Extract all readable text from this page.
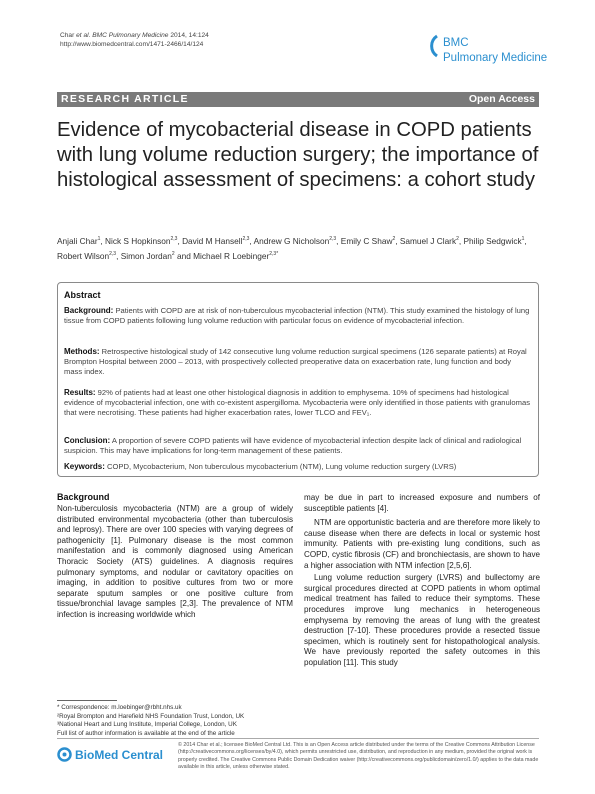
Char et al. BMC Pulmonary Medicine 2014, 14:124
http://www.biomedcentral.com/1471-2466/14/124	BMC
Pulmonary Medicine
RESEARCH ARTICLE	Open Access
Evidence of mycobacterial disease in COPD patients with lung volume reduction surgery; the importance of histological assessment of specimens: a cohort study
Anjali Char$^1$, Nick S Hopkinson$^{2,3}$, David M Hansell$^{2,3}$, Andrew G Nicholson$^{2,3}$, Emily C Shaw$^2$, Samuel J Clark$^2$, Philip Sedgwick$^1$, Robert Wilson$^{2,3}$, Simon Jordan$^2$ and Michael R Loebinger$^{2,3*}$
Abstract
Background: Patients with COPD are at risk of non-tuberculous mycobacterial infection (NTM). This study examined the histology of lung tissue from COPD patients following lung volume reduction with particular focus on evidence of mycobacterial infection.
Methods: Retrospective histological study of 142 consecutive lung volume reduction surgical specimens (126 separate patients) at Royal Brompton Hospital between 2000 – 2013, with prospectively collected preoperative data on exacerbation rate, lung function and body mass index.
Results: 92% of patients had at least one other histological diagnosis in addition to emphysema. 10% of specimens had histological evidence of mycobacterial infection, one with co-existent aspergilloma. Mycobacteria were only identified in those patients with granulomas that were necrotising. These patients had higher exacerbation rates, lower TLCO and FEV₁.
Conclusion: A proportion of severe COPD patients will have evidence of mycobacterial infection despite lack of clinical and radiological suspicion. This may have implications for long-term management of these patients.
Keywords: COPD, Mycobacterium, Non tuberculous mycobacterium (NTM), Lung volume reduction surgery (LVRS)
Background

Non-tuberculosis mycobacteria (NTM) are a group of widely distributed environmental mycobacteria (other than tuberculosis and leprosy). There are over 100 species with varying degrees of pathogenicity [1]. Pulmonary disease is the most common manifestation and is commonly diagnosed using American Thoracic Society (ATS) guidelines. A diagnosis requires pulmonary symptoms, and nodular or cavitatory opacities on imaging, in addition to positive cultures from two or more separate sputum samples or one positive culture from tissue/bronchial lavage samples [2,3]. The prevalence of NTM infection is increasing worldwide which

may be due in part to increased exposure and numbers of susceptible patients [4].

NTM are opportunistic bacteria and are therefore more likely to cause disease when there are defects in local or systemic host immunity. Patients with pre-existing lung conditions, such as COPD, cystic fibrosis (CF) and bronchiectasis, are shown to have a higher association with NTM infection [2,5,6].

Lung volume reduction surgery (LVRS) and bullectomy are surgical procedures directed at COPD patients in whom optimal medical treatment has failed to reduce their symptoms. These procedures improve lung mechanics in heterogeneous emphysema by removing the areas of lung with the greatest destruction [7-10]. These procedures provide a resected tissue specimen, which is routinely sent for histopathological analysis. We have previously reported the safety outcomes in this population [11]. This study

* Correspondence: m.loebinger@rbht.nhs.uk
²Royal Brompton and Harefield NHS Foundation Trust, London, UK
³National Heart and Lung Institute, Imperial College, London, UK
Full list of author information is available at the end of the article
BioMed Central
© 2014 Char et al.; licensee BioMed Central Ltd. This is an Open Access article distributed under the terms of the Creative Commons Attribution License (http://creativecommons.org/licenses/by/4.0), which permits unrestricted use, distribution, and reproduction in any medium, provided the original work is properly credited. The Creative Commons Public Domain Dedication waiver (http://creativecommons.org/publicdomain/zero/1.0/) applies to the data made available in this article, unless otherwise stated.
